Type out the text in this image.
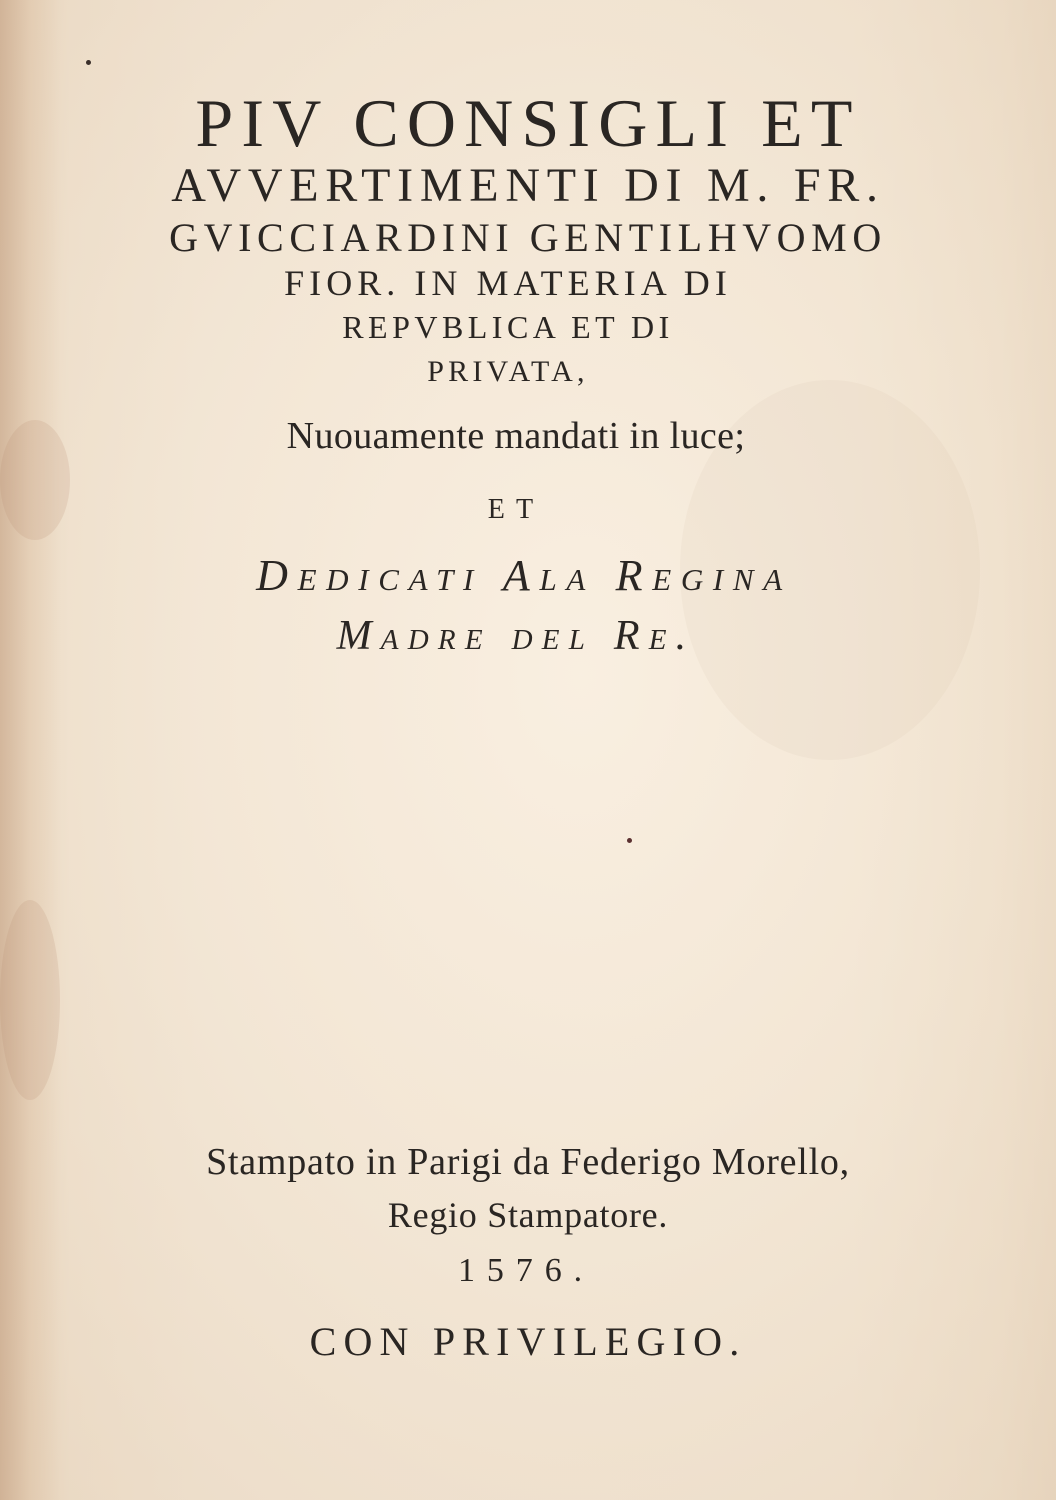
PIV CONSIGLI ET
AVVERTIMENTI DI M. FR.
GVICCIARDINI GENTILHVOMO
FIOR. IN MATERIA DI
REPVBLICA ET DI
PRIVATA,
Nuouamente mandati in luce;
ET
Dedicati Ala Regina
Madre del Re.
Stampato in Parigi da Federigo Morello,
Regio Stampatore.
1576.
CON PRIVILEGIO.
